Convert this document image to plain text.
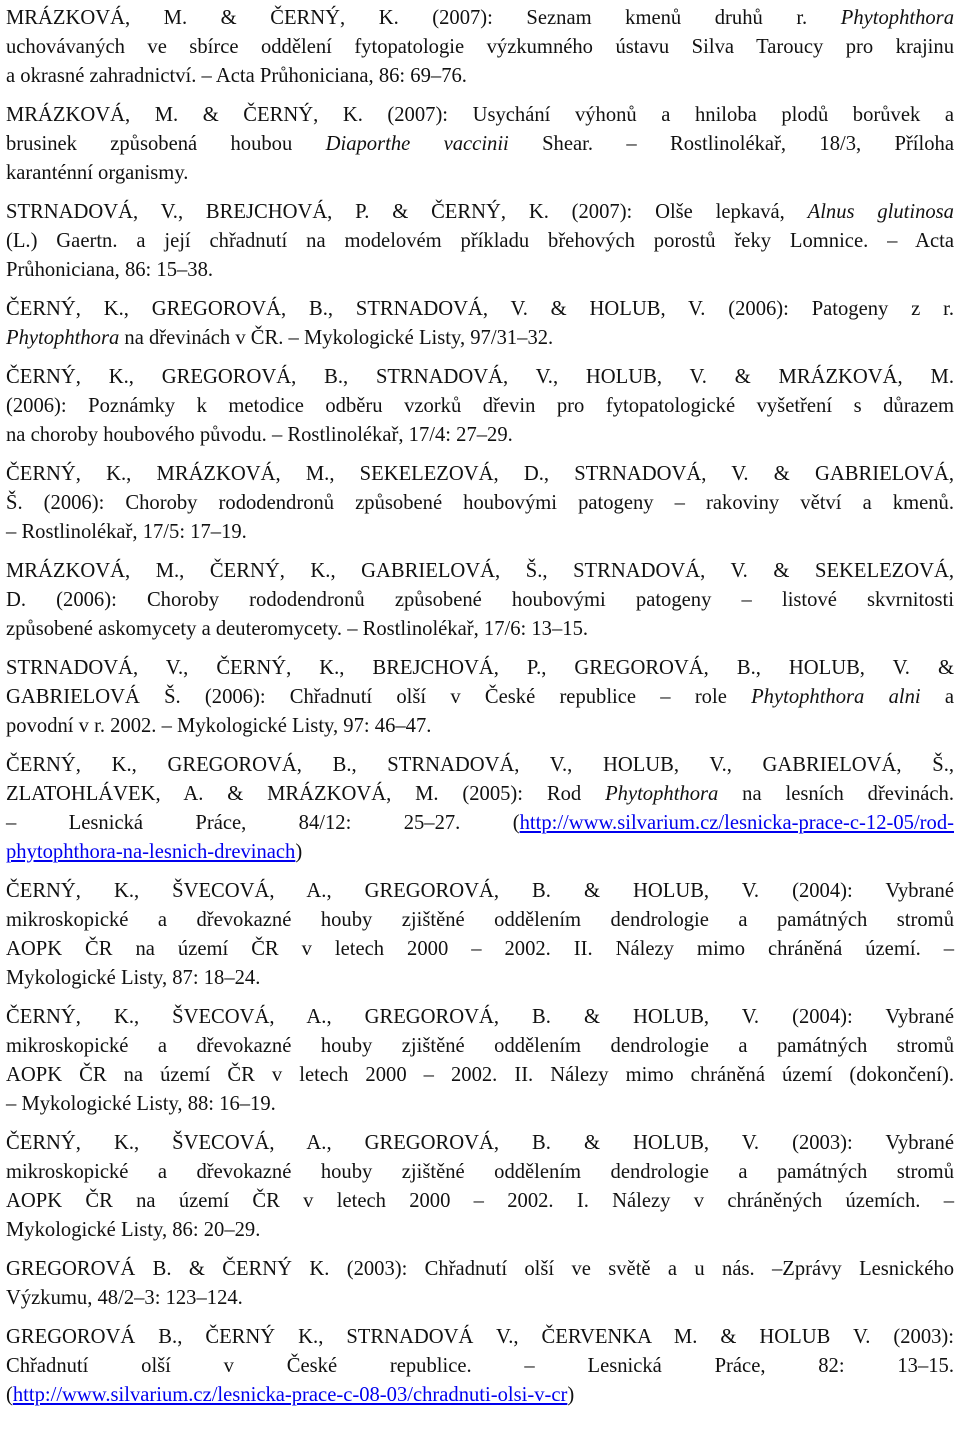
MRÁZKOVÁ, M. & ČERNÝ, K. (2007): Seznam kmenů druhů r. Phytophthora
uchovávaných ve sbírce oddělení fytopatologie výzkumného ústavu Silva Taroucy pro krajinu
a okrasné zahradnictví. – Acta Průhoniciana, 86: 69–76.
MRÁZKOVÁ, M. & ČERNÝ, K. (2007): Usychání výhonů a hniloba plodů borůvek a
brusinek způsobená houbou Diaporthe vaccinii Shear. – Rostlinolékař, 18/3, Příloha
karanténní organismy.
STRNADOVÁ, V., BREJCHOVÁ, P. & ČERNÝ, K. (2007): Olše lepkavá, Alnus glutinosa
(L.) Gaertn. a její chřadnutí na modelovém příkladu břehových porostů řeky Lomnice. – Acta
Průhoniciana, 86: 15–38.
ČERNÝ, K., GREGOROVÁ, B., STRNADOVÁ, V. & HOLUB, V. (2006): Patogeny z r.
Phytophthora na dřevinách v ČR. – Mykologické Listy, 97/31–32.
ČERNÝ, K., GREGOROVÁ, B., STRNADOVÁ, V., HOLUB, V. & MRÁZKOVÁ, M.
(2006): Poznámky k metodice odběru vzorků dřevin pro fytopatologické vyšetření s důrazem
na choroby houbového původu. – Rostlinolékař, 17/4: 27–29.
ČERNÝ, K., MRÁZKOVÁ, M., SEKELEZOVÁ, D., STRNADOVÁ, V. & GABRIELOVÁ,
Š. (2006): Choroby rododendronů způsobené houbovými patogeny – rakoviny větví a kmenů.
– Rostlinolékař, 17/5: 17–19.
MRÁZKOVÁ, M., ČERNÝ, K., GABRIELOVÁ, Š., STRNADOVÁ, V. & SEKELEZOVÁ,
D. (2006): Choroby rododendronů způsobené houbovými patogeny – listové skvrnitosti
způsobené askomycety a deuteromycety. – Rostlinolékař, 17/6: 13–15.
STRNADOVÁ, V., ČERNÝ, K., BREJCHOVÁ, P., GREGOROVÁ, B., HOLUB, V. &
GABRIELOVÁ Š. (2006): Chřadnutí olší v České republice – role Phytophthora alni a
povodní v r. 2002. – Mykologické Listy, 97: 46–47.
ČERNÝ, K., GREGOROVÁ, B., STRNADOVÁ, V., HOLUB, V., GABRIELOVÁ, Š.,
ZLATOHLÁVEK, A. & MRÁZKOVÁ, M. (2005): Rod Phytophthora na lesních dřevinách.
– Lesnická Práce, 84/12: 25–27. (http://www.silvarium.cz/lesnicka-prace-c-12-05/rod-
phytophthora-na-lesnich-drevinach)
ČERNÝ, K., ŠVECOVÁ, A., GREGOROVÁ, B. & HOLUB, V. (2004): Vybrané
mikroskopické a dřevokazné houby zjištěné oddělením dendrologie a památných stromů
AOPK ČR na území ČR v letech 2000 – 2002. II. Nálezy mimo chráněná území. –
Mykologické Listy, 87: 18–24.
ČERNÝ, K., ŠVECOVÁ, A., GREGOROVÁ, B. & HOLUB, V. (2004): Vybrané
mikroskopické a dřevokazné houby zjištěné oddělením dendrologie a památných stromů
AOPK ČR na území ČR v letech 2000 – 2002. II. Nálezy mimo chráněná území (dokončení).
– Mykologické Listy, 88: 16–19.
ČERNÝ, K., ŠVECOVÁ, A., GREGOROVÁ, B. & HOLUB, V. (2003): Vybrané
mikroskopické a dřevokazné houby zjištěné oddělením dendrologie a památných stromů
AOPK ČR na území ČR v letech 2000 – 2002. I. Nálezy v chráněných územích. –
Mykologické Listy, 86: 20–29.
GREGOROVÁ B. & ČERNÝ K. (2003): Chřadnutí olší ve světě a u nás. –Zprávy Lesnického
Výzkumu, 48/2–3: 123–124.
GREGOROVÁ B., ČERNÝ K., STRNADOVÁ V., ČERVENKA M. & HOLUB V. (2003):
Chřadnutí olší v České republice. – Lesnická Práce, 82: 13–15.
(http://www.silvarium.cz/lesnicka-prace-c-08-03/chradnuti-olsi-v-cr)
